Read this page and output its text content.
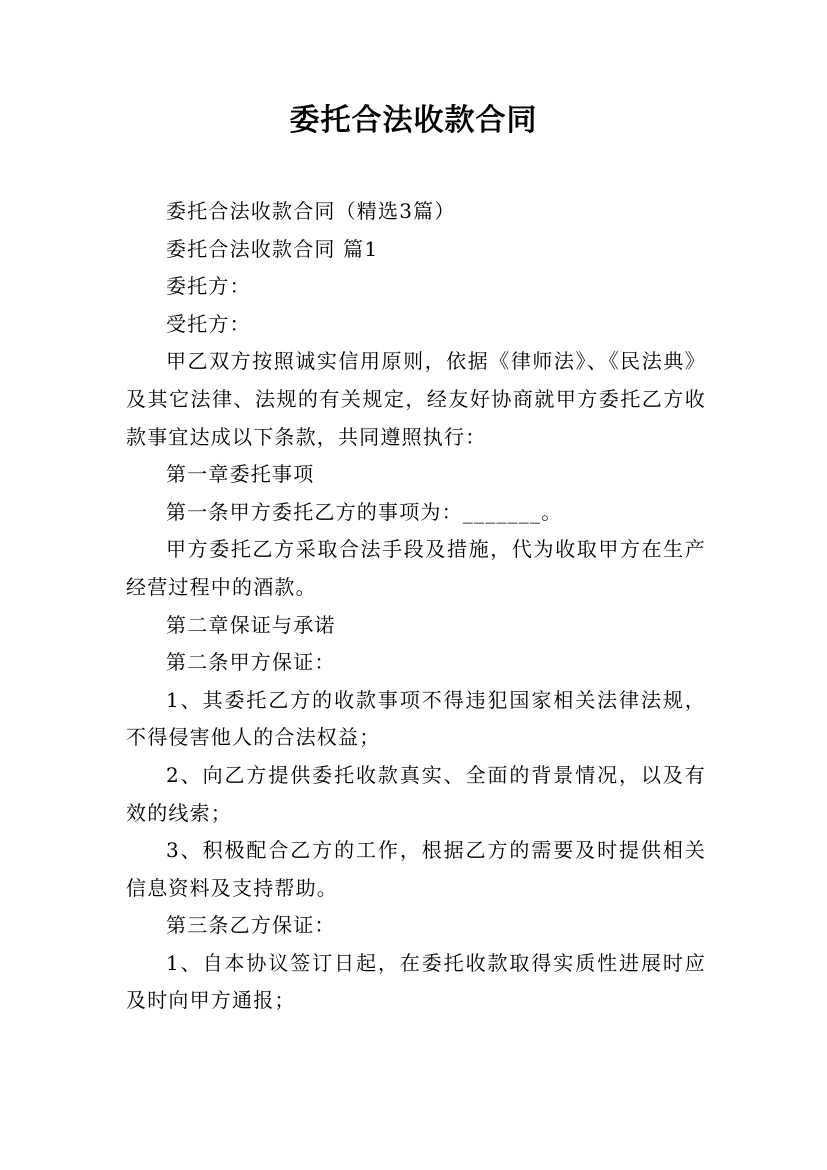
委托合法收款合同

委托合法收款合同（精选3篇）

委托合法收款合同 篇1

委托方：

受托方：

甲乙双方按照诚实信用原则，依据《律师法》、《民法典》及其它法律、法规的有关规定，经友好协商就甲方委托乙方收款事宜达成以下条款，共同遵照执行：

第一章委托事项

第一条甲方委托乙方的事项为：_______。

甲方委托乙方采取合法手段及措施，代为收取甲方在生产经营过程中的酒款。

第二章保证与承诺

第二条甲方保证：

1、其委托乙方的收款事项不得违犯国家相关法律法规，不得侵害他人的合法权益；

2、向乙方提供委托收款真实、全面的背景情况，以及有效的线索；

3、积极配合乙方的工作，根据乙方的需要及时提供相关信息资料及支持帮助。

第三条乙方保证：

1、自本协议签订日起，在委托收款取得实质性进展时应及时向甲方通报；
